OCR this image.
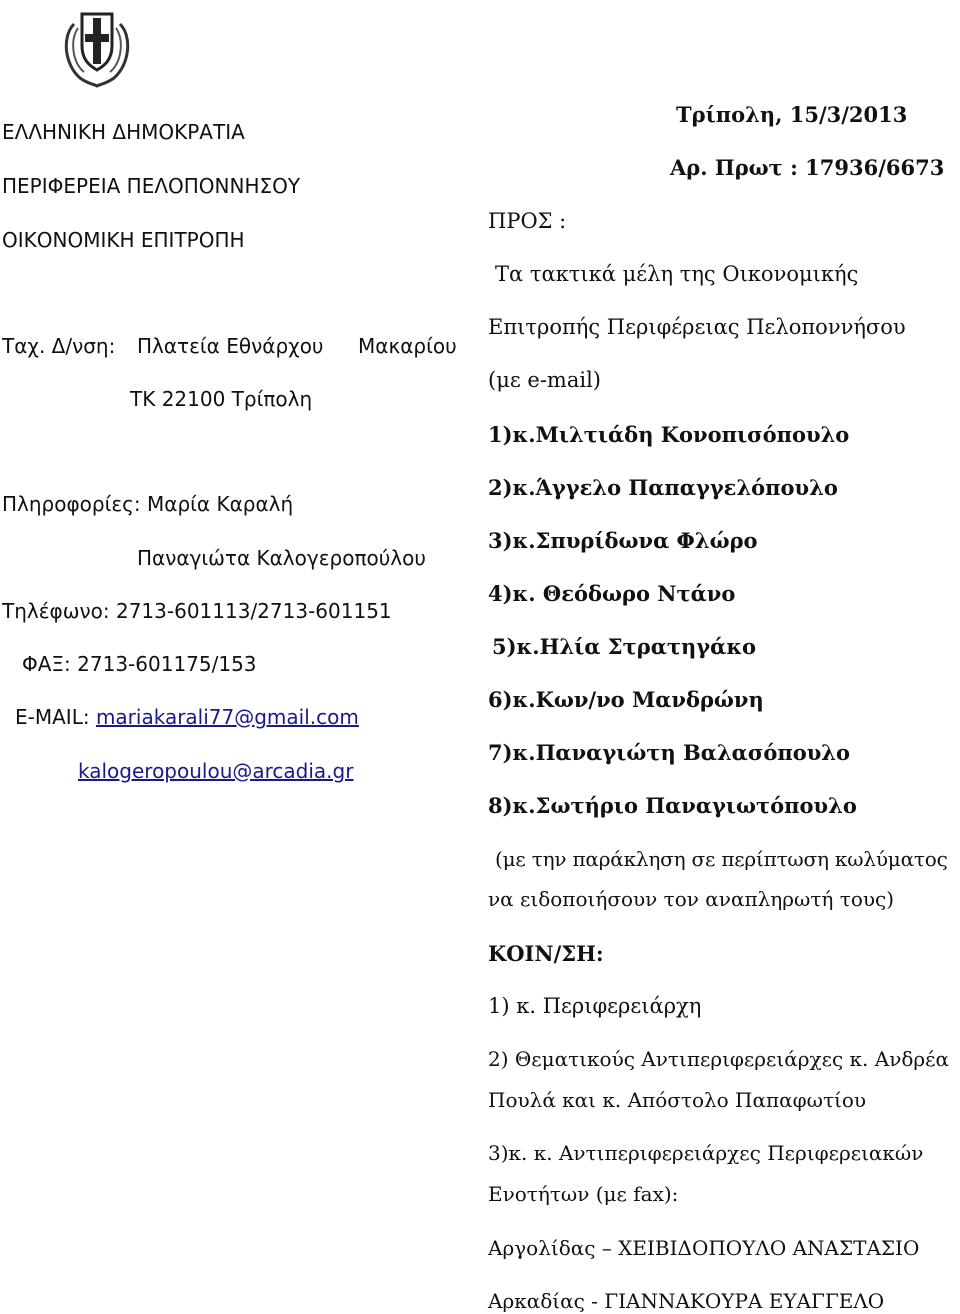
ΕΛΛΗΝΙΚΗ ΔΗΜΟΚΡΑΤΙΑ
ΠΕΡΙΦΕΡΕΙΑ ΠΕΛΟΠΟΝΝΗΣΟΥ
ΟΙΚΟΝΟΜΙΚΗ ΕΠΙΤΡΟΠΗ
Ταχ. Δ/νση: Πλατεία Εθνάρχου Μακαρίου
ΤΚ 22100 Τρίπολη
Πληροφορίες: Μαρία Καραλή
Παναγιώτα Καλογεροπούλου
Τηλέφωνο: 2713-601113/2713-601151
ΦΑΞ: 2713-601175/153
E-MAIL: mariakarali77@gmail.com
kalogeropoulou@arcadia.gr
Τρίπολη, 15/3/2013
Αρ. Πρωτ : 17936/6673
ΠΡΟΣ :
Τα τακτικά μέλη της Οικονομικής
Επιτροπής Περιφέρειας Πελοποννήσου
(με e-mail)
1)κ.Μιλτιάδη Κονοπισόπουλο
2)κ.Άγγελο Παπαγγελόπουλο
3)κ.Σπυρίδωνα Φλώρο
4)κ. Θεόδωρο Ντάνο
5)κ.Ηλία Στρατηγάκο
6)κ.Κων/νο Μανδρώνη
7)κ.Παναγιώτη Βαλασόπουλο
8)κ.Σωτήριο Παναγιωτόπουλο
(με την παράκληση σε περίπτωση κωλύματος
να ειδοποιήσουν τον αναπληρωτή τους)
ΚΟΙΝ/ΣΗ:
1) κ. Περιφερειάρχη
2) Θεματικούς Αντιπεριφερειάρχες κ. Ανδρέα
Πουλά και κ. Απόστολο Παπαφωτίου
3)κ. κ. Αντιπεριφερειάρχες Περιφερειακών
Ενοτήτων (με fax):
Αργολίδας – ΧΕΙΒΙΔΟΠΟΥΛΟ ΑΝΑΣΤΑΣΙΟ
Αρκαδίας - ΓΙΑΝΝΑΚΟΥΡΑ ΕΥΑΓΓΕΛΟ
